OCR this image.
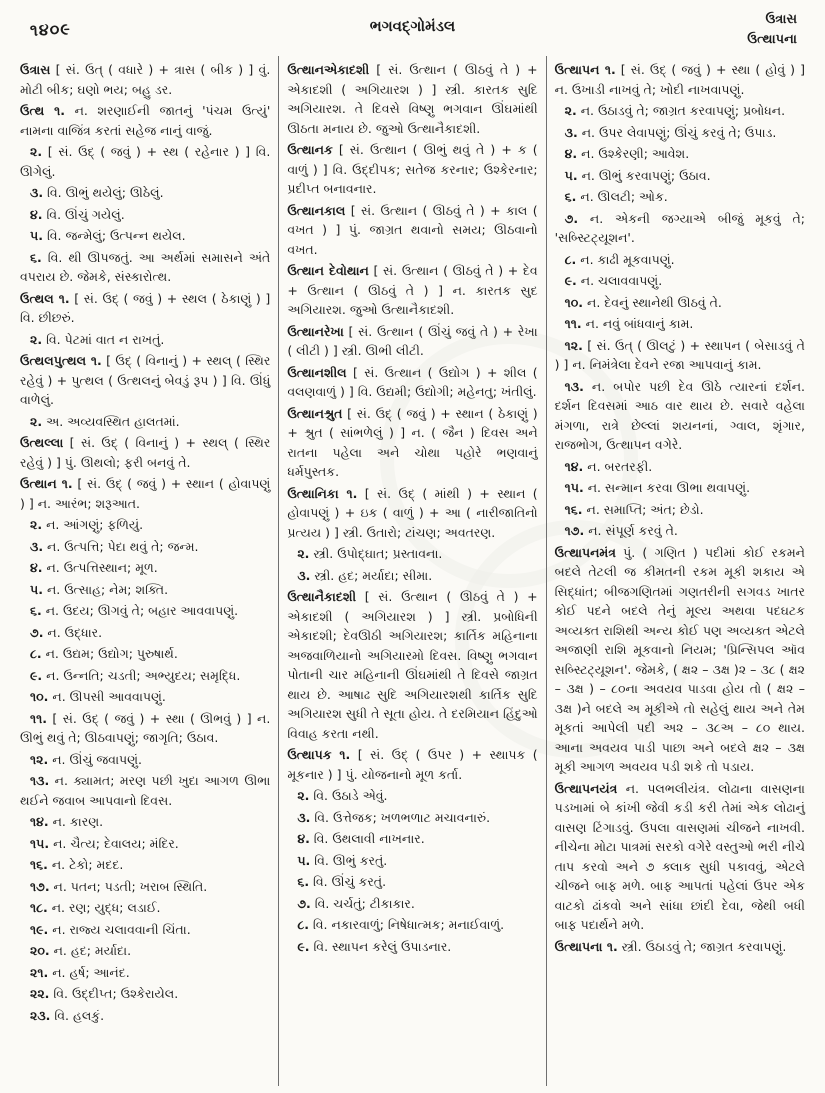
૧૪૦૯	ભગવદ્ગોમંડલ	ઉત્રાસ
ઉત્થાપના

ઉત્રાસ [ સં. ઉત્ ( વધારે ) + ત્રાસ ( બીક ) ] વું. મોટી બીક; ઘણો ભય; બહુ ડર.

ઉત્થ ૧. ન. શરણાઈની જાતનું 'પંચમ ઉત્યું' નામના વાજિંત્ર કરતાં સહેજ નાનું વાજું.

૨. [ સં. ઉદ્ ( જવું ) + સ્થ ( રહેનાર ) ] વિ. ઊગેલું.

૩. વિ. ઊભું થયેલું; ઊઠેલું.

૪. વિ. ઊંચું ગયેલું.

૫. વિ. જન્મેલું; ઉત્પન્ન થયેલ.

૬. વિ. થી ઊપજતું. આ અર્થમાં સમાસને અંતે વપરાય છે. જેમકે, સંસ્કારોત્થ.

ઉત્થલ ૧. [ સં. ઉદ્ ( જવું ) + સ્થલ ( ઠેકાણું ) ] વિ. છીછરું.

૨. વિ. પેટમાં વાત ન રાખતું.

ઉત્થલપુત્થલ ૧. [ ઉદ્ ( વિનાનું ) + સ્થલ્ ( સ્થિર રહેવું ) + પુત્થલ ( ઉત્થલનું બેવડું રૂપ ) ] વિ. ઊંધું વાળેલું.

૨. અ. અવ્યવસ્થિત હાલતમાં.

ઉત્થલ્લા [ સં. ઉદ્ ( વિનાનું ) + સ્થલ્ ( સ્થિર રહેવું ) ] પું. ઊથલો; ફરી બનવું તે.

ઉત્થાન ૧. [ સં. ઉદ્ ( જવું ) + સ્થાન ( હોવાપણું ) ] ન. આરંભ; શરૂઆત.

૨. ન. આંગણું; ફળિયું.

૩. ન. ઉત્પત્તિ; પેદા થવું તે; જન્મ.

૪. ન. ઉત્પત્તિસ્થાન; મૂળ.

૫. ન. ઉત્સાહ; નેમ; શક્તિ.

૬. ન. ઉદય; ઊગવું તે; બહાર આવવાપણું.

૭. ન. ઉદ્ધાર.

૮. ન. ઉદ્યમ; ઉદ્યોગ; પુરુષાર્થ.

૯. ન. ઉન્નતિ; ચડતી; અભ્યુદય; સમૃદ્ધિ.

૧૦. ન. ઊપસી આવવાપણું.

૧૧. [ સં. ઉદ્ ( જવું ) + સ્થા ( ઊભવું ) ] ન. ઊભું થવું તે; ઊઠવાપણું; જાગૃતિ; ઉઠાવ.

૧૨. ન. ઊંચું જવાપણું.

૧૩. ન. ક્યામત; મરણ પછી ખુદા આગળ ઊભા થઈને જવાબ આપવાનો દિવસ.

૧૪. ન. કારણ.

૧૫. ન. ચૈત્ય; દેવાલય; મંદિર.

૧૬. ન. ટેકો; મદદ.

૧૭. ન. પતન; પડતી; ખરાબ સ્થિતિ.

૧૮. ન. રણ; યુદ્ધ; લડાઈ.

૧૯. ન. રાજ્ય ચલાવવાની ચિંતા.

૨૦. ન. હદ; મર્યાદા.

૨૧. ન. હર્ષ; આનંદ.

૨૨. વિ. ઉદ્દીપ્ત; ઉશ્કેરાયેલ.

૨૩. વિ. હલકું.

ઉત્થાનએકાદશી [ સં. ઉત્થાન ( ઊઠવું તે ) + એકાદશી ( અગિયારશ ) ] સ્ત્રી. કારતક સુદિ અગિયારશ. તે દિવસે વિષ્ણુ ભગવાન ઊંઘમાંથી ઊઠતા મનાય છે. જુઓ ઉત્થાનૈકાદશી.

ઉત્થાનક [ સં. ઉત્થાન ( ઊભું થવું તે ) + ક ( વાળું ) ] વિ. ઉદ્દીપક; સતેજ કરનાર; ઉશ્કેરનાર; પ્રદીપ્ત બનાવનાર.

ઉત્થાનકાલ [ સં. ઉત્થાન ( ઊઠવું તે ) + કાલ ( વખત ) ] પું. જાગ્રત થવાનો સમય; ઊઠવાનો વખત.

ઉત્થાન દેવોથાન [ સં. ઉત્થાન ( ઊઠવું તે ) + દેવ + ઉત્થાન ( ઊઠવું તે ) ] ન. કારતક સુદ અગિયારશ. જુઓ ઉત્થાનૈકાદશી.

ઉત્થાનરેખા [ સં. ઉત્થાન ( ઊંચું જવું તે ) + રેખા ( લીટી ) ] સ્ત્રી. ઊભી લીટી.

ઉત્થાનશીલ [ સં. ઉત્થાન ( ઉદ્યોગ ) + શીલ ( વલણવાળું ) ] વિ. ઉદ્યમી; ઉદ્યોગી; મહેનતુ; ખંતીલું.

ઉત્થાનશ્રુત [ સં. ઉદ્ ( જવું ) + સ્થાન ( ઠેકાણું ) + શ્રુત ( સાંભળેલું ) ] ન. ( જૈન ) દિવસ અને રાતના પહેલા અને ચોથા પહોરે ભણવાનું ધર્મપુસ્તક.

ઉત્થાનિકા ૧. [ સં. ઉદ્ ( માંથી ) + સ્થાન ( હોવાપણું ) + ઇક ( વાળું ) + આ ( નારીજાતિનો પ્રત્યય ) ] સ્ત્રી. ઉતારો; ટાંચણ; અવતરણ.

૨. સ્ત્રી. ઉપોદ્ઘાત; પ્રસ્તાવના.

૩. સ્ત્રી. હદ; મર્યાદા; સીમા.

ઉત્થાનૈકાદશી [ સં. ઉત્થાન ( ઊઠવું તે ) + એકાદશી ( અગિયારશ ) ] સ્ત્રી. પ્રબોધિની એકાદશી; દેવઊઠી અગિયારશ; કાર્તિક મહિનાના અજવાળિયાનો અગિયારમો દિવસ. વિષ્ણુ ભગવાન પોતાની ચાર મહિનાની ઊંઘમાંથી તે દિવસે જાગ્રત થાય છે. આષાઢ સુદિ અગિયારશથી કાર્તિક સુદિ અગિયારશ સુધી તે સૂતા હોય. તે દરમિયાન હિંદુઓ વિવાહ કરતા નથી.

ઉત્થાપક ૧. [ સં. ઉદ્ ( ઉપર ) + સ્થાપક ( મૂકનાર ) ] પું. યોજનાનો મૂળ કર્તા.

૨. વિ. ઉઠાડે એવું.

૩. વિ. ઉત્તેજક; ખળભળાટ મચાવનારું.

૪. વિ. ઉથલાવી નાખનાર.

૫. વિ. ઊભું કરતું.

૬. વિ. ઊંચું કરતું.

૭. વિ. ચર્ચતું; ટીકાકાર.

૮. વિ. નકારવાળું; નિષેધાત્મક; મનાઈવાળું.

૯. વિ. સ્થાપન કરેલું ઉપાડનાર.

ઉત્થાપન ૧. [ સં. ઉદ્ ( જવું ) + સ્થા ( હોવું ) ] ન. ઉખાડી નાખવું તે; ખોદી નાખવાપણું.

૨. ન. ઉઠાડવું તે; જાગ્રત કરવાપણું; પ્રબોધન.

૩. ન. ઉપર લેવાપણું; ઊંચું કરવું તે; ઉપાડ.

૪. ન. ઉશ્કેરણી; આવેશ.

૫. ન. ઊભું કરવાપણું; ઉઠાવ.

૬. ન. ઊલટી; ઓક.

૭. ન. એકની જગ્યાએ બીજું મૂકવું તે; 'સબ્સ્ટિટ્યૂશન'.

૮. ન. કાઢી મૂકવાપણું.

૯. ન. ચલાવવાપણું.

૧૦. ન. દેવનું સ્થાનેથી ઊઠવું તે.

૧૧. ન. નવું બાંધવાનું કામ.

૧૨. [ સં. ઉત્ ( ઊલટું ) + સ્થાપન ( બેસાડવું તે ) ] ન. નિમંત્રેલા દેવને રજા આપવાનું કામ.

૧૩. ન. બપોર પછી દેવ ઊઠે ત્યારનાં દર્શન. દર્શન દિવસમાં આઠ વાર થાય છે. સવારે વહેલા મંગળા, રાત્રે છેલ્લાં શયનનાં, ગ્વાલ, શૃંગાર, રાજભોગ, ઉત્થાપન વગેરે.

૧૪. ન. બરતરફી.

૧૫. ન. સન્માન કરવા ઊભા થવાપણું.

૧૬. ન. સમાપ્તિ; અંત; છેડો.

૧૭. ન. સંપૂર્ણ કરવું તે.

ઉત્થાપનમંત્ર પું. ( ગણિત ) પદીમાં કોઈ રકમને બદલે તેટલી જ કીમતની રકમ મૂકી શકાય એ સિદ્ધાંત; બીજગણિતમાં ગણતરીની સગવડ ખાતર કોઈ પદને બદલે તેનું મૂલ્ય અથવા પદઘટક અવ્યક્ત રાશિથી અન્ય કોઈ પણ અવ્યક્ત એટલે અજાણી રાશિ મૂકવાનો નિયમ; 'પ્રિન્સિપલ ઑવ સબ્સ્ટિટ્યૂશન'. જેમકે, ( ક્ષ૨ – ૩ક્ષ )૨ – ૩૮ ( ક્ષ૨ – ૩ક્ષ ) – ૮૦ના અવયવ પાડવા હોય તો ( ક્ષ૨ – ૩ક્ષ )ને બદલે અ મૂકીએ તો સહેલું થાય અને તેમ મૂકતાં આપેલી પદી અ૨ – ૩૮અ – ૮૦ થાય. આના અવયવ પાડી પાછા અને બદલે ક્ષ૨ – ૩ક્ષ મૂકી આગળ અવયવ પડી શકે તો પડાય.

ઉત્થાપનયંત્ર ન. પલભલીયંત્ર. લોઢાના વાસણના પડખામાં બે કાંખી જેવી કડી કરી તેમાં એક લોઢાનું વાસણ ટિંગાડવું. ઉપલા વાસણમાં ચીજને નાખવી. નીચેના મોટા પાત્રમાં સરકો વગેરે વસ્તુઓ ભરી નીચે તાપ કરવો અને ૭ ક્લાક સુધી પકાવવું, એટલે ચીજને બાફ મળે. બાફ આપતાં પહેલાં ઉપર એક વાટકો ઢાંકવો અને સાંધા છાંદી દેવા, જેથી બધી બાફ પદાર્થને મળે.

ઉત્થાપના ૧. સ્ત્રી. ઉઠાડવું તે; જાગ્રત કરવાપણું.
